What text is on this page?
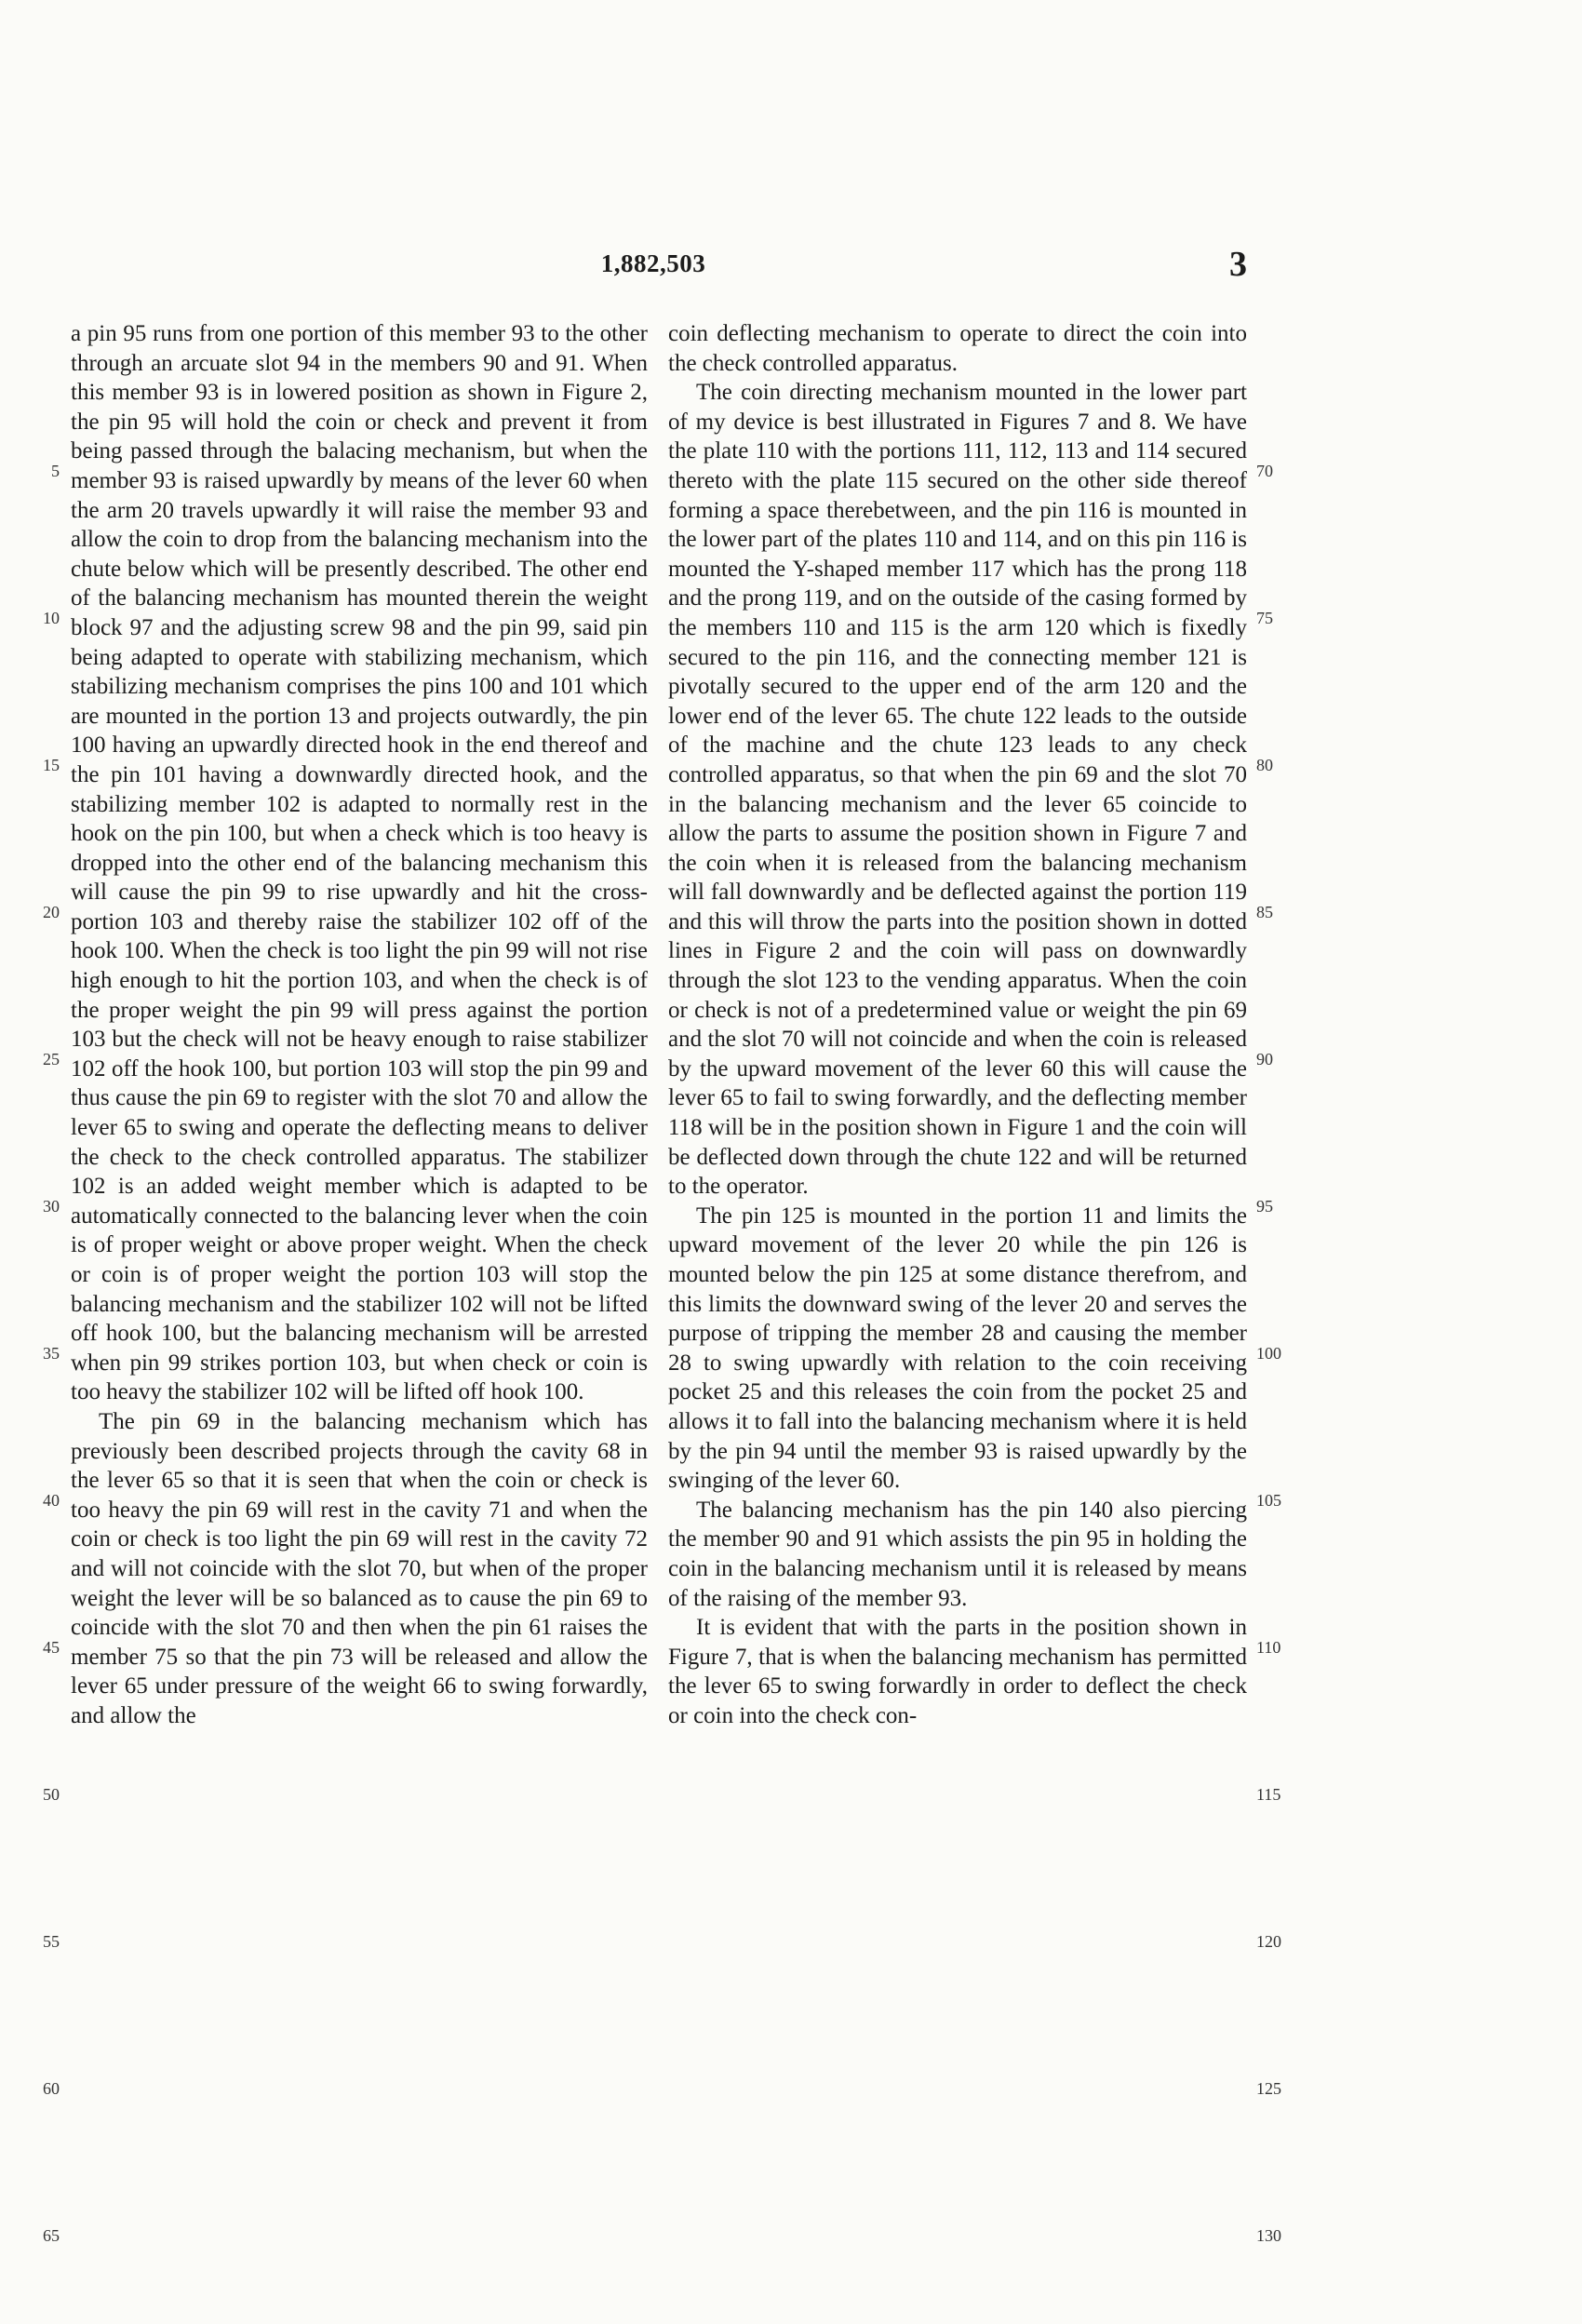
1,882,503	3

a pin 95 runs from one portion of this member 93 to the other through an arcuate slot 94 in the members 90 and 91. When this member 93 is in lowered position as shown in Figure 2, the pin 95 will hold the coin or check and prevent it from being passed through the balacing mechanism, but when the member 93 is raised upwardly by means of the lever 60 when the arm 20 travels upwardly it will raise the member 93 and allow the coin to drop from the balancing mechanism into the chute below which will be presently described. The other end of the balancing mechanism has mounted therein the weight block 97 and the adjusting screw 98 and the pin 99, said pin being adapted to operate with stabilizing mechanism, which stabilizing mechanism comprises the pins 100 and 101 which are mounted in the portion 13 and projects outwardly, the pin 100 having an upwardly directed hook in the end thereof and the pin 101 having a downwardly directed hook, and the stabilizing member 102 is adapted to normally rest in the hook on the pin 100, but when a check which is too heavy is dropped into the other end of the balancing mechanism this will cause the pin 99 to rise upwardly and hit the cross-portion 103 and thereby raise the stabilizer 102 off of the hook 100. When the check is too light the pin 99 will not rise high enough to hit the portion 103, and when the check is of the proper weight the pin 99 will press against the portion 103 but the check will not be heavy enough to raise stabilizer 102 off the hook 100, but portion 103 will stop the pin 99 and thus cause the pin 69 to register with the slot 70 and allow the lever 65 to swing and operate the deflecting means to deliver the check to the check controlled apparatus. The stabilizer 102 is an added weight member which is adapted to be automatically connected to the balancing lever when the coin is of proper weight or above proper weight. When the check or coin is of proper weight the portion 103 will stop the balancing mechanism and the stabilizer 102 will not be lifted off hook 100, but the balancing mechanism will be arrested when pin 99 strikes portion 103, but when check or coin is too heavy the stabilizer 102 will be lifted off hook 100.

The pin 69 in the balancing mechanism which has previously been described projects through the cavity 68 in the lever 65 so that it is seen that when the coin or check is too heavy the pin 69 will rest in the cavity 71 and when the coin or check is too light the pin 69 will rest in the cavity 72 and will not coincide with the slot 70, but when of the proper weight the lever will be so balanced as to cause the pin 69 to coincide with the slot 70 and then when the pin 61 raises the member 75 so that the pin 73 will be released and allow the lever 65 under pressure of the weight 66 to swing forwardly, and allow the

coin deflecting mechanism to operate to direct the coin into the check controlled apparatus.

The coin directing mechanism mounted in the lower part of my device is best illustrated in Figures 7 and 8. We have the plate 110 with the portions 111, 112, 113 and 114 secured thereto with the plate 115 secured on the other side thereof forming a space therebetween, and the pin 116 is mounted in the lower part of the plates 110 and 114, and on this pin 116 is mounted the Y-shaped member 117 which has the prong 118 and the prong 119, and on the outside of the casing formed by the members 110 and 115 is the arm 120 which is fixedly secured to the pin 116, and the connecting member 121 is pivotally secured to the upper end of the arm 120 and the lower end of the lever 65. The chute 122 leads to the outside of the machine and the chute 123 leads to any check controlled apparatus, so that when the pin 69 and the slot 70 in the balancing mechanism and the lever 65 coincide to allow the parts to assume the position shown in Figure 7 and the coin when it is released from the balancing mechanism will fall downwardly and be deflected against the portion 119 and this will throw the parts into the position shown in dotted lines in Figure 2 and the coin will pass on downwardly through the slot 123 to the vending apparatus. When the coin or check is not of a predetermined value or weight the pin 69 and the slot 70 will not coincide and when the coin is released by the upward movement of the lever 60 this will cause the lever 65 to fail to swing forwardly, and the deflecting member 118 will be in the position shown in Figure 1 and the coin will be deflected down through the chute 122 and will be returned to the operator.

The pin 125 is mounted in the portion 11 and limits the upward movement of the lever 20 while the pin 126 is mounted below the pin 125 at some distance therefrom, and this limits the downward swing of the lever 20 and serves the purpose of tripping the member 28 and causing the member 28 to swing upwardly with relation to the coin receiving pocket 25 and this releases the coin from the pocket 25 and allows it to fall into the balancing mechanism where it is held by the pin 94 until the member 93 is raised upwardly by the swinging of the lever 60.

The balancing mechanism has the pin 140 also piercing the member 90 and 91 which assists the pin 95 in holding the coin in the balancing mechanism until it is released by means of the raising of the member 93.

It is evident that with the parts in the position shown in Figure 7, that is when the balancing mechanism has permitted the lever 65 to swing forwardly in order to deflect the check or coin into the check con-

5
10
15
20
25
30
35
40
45
50
55
60
65
70
75
80
85
90
95
100
105
110
115
120
125
130
